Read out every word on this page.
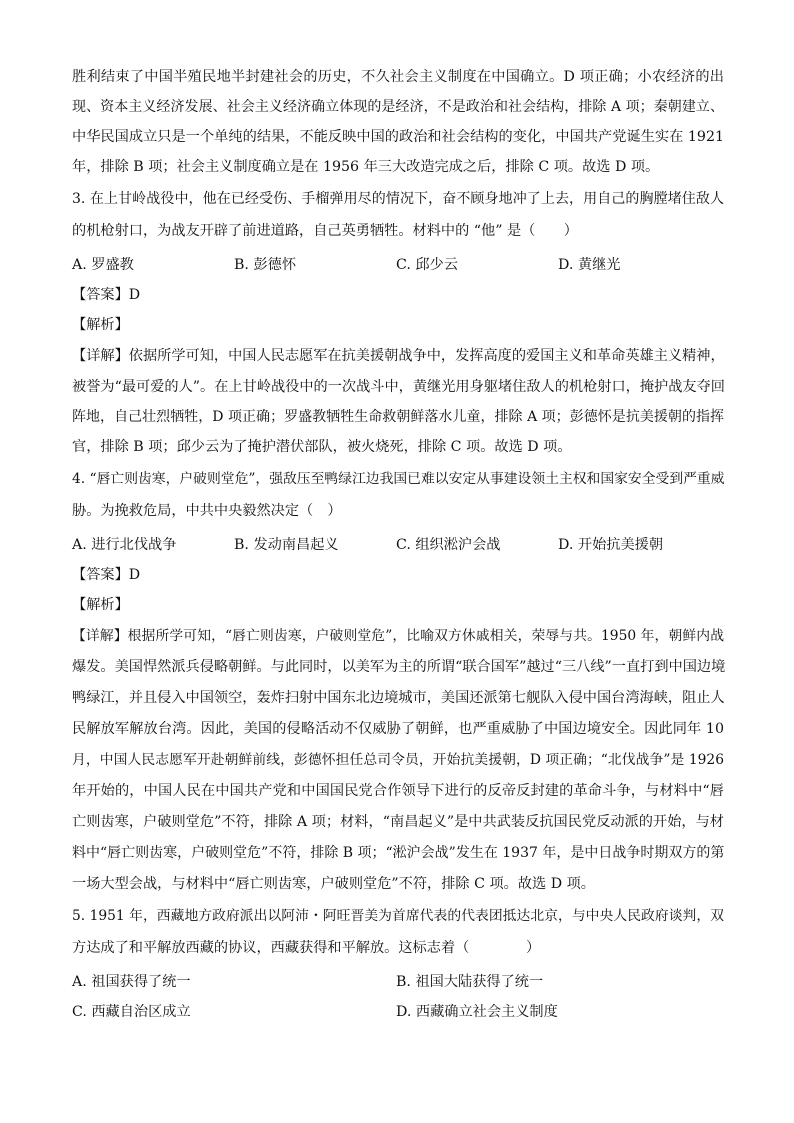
胜利结束了中国半殖民地半封建社会的历史，不久社会主义制度在中国确立。D 项正确；小农经济的出
现、资本主义经济发展、社会主义经济确立体现的是经济，不是政治和社会结构，排除 A 项；秦朝建立、
中华民国成立只是一个单纯的结果，不能反映中国的政治和社会结构的变化，中国共产党诞生实在 1921
年，排除 B 项；社会主义制度确立是在 1956 年三大改造完成之后，排除 C 项。故选 D 项。
3. 在上甘岭战役中，他在已经受伤、手榴弹用尽的情况下，奋不顾身地冲了上去，用自己的胸膛堵住敌人
的机枪射口，为战友开辟了前进道路，自己英勇牺牲。材料中的 “他” 是（　　）
A. 罗盛教	B. 彭德怀	C. 邱少云	D. 黄继光
【答案】D
【解析】
【详解】依据所学可知，中国人民志愿军在抗美援朝战争中，发挥高度的爱国主义和革命英雄主义精神，
被誉为“最可爱的人”。在上甘岭战役中的一次战斗中，黄继光用身躯堵住敌人的机枪射口，掩护战友夺回
阵地，自己壮烈牺牲，D 项正确；罗盛教牺牲生命救朝鲜落水儿童，排除 A 项；彭德怀是抗美援朝的指挥
官，排除 B 项；邱少云为了掩护潜伏部队，被火烧死，排除 C 项。故选 D 项。
4. “唇亡则齿寒，户破则堂危”，强敌压至鸭绿江边我国已难以安定从事建设领土主权和国家安全受到严重威
胁。为挽救危局，中共中央毅然决定（　）
A. 进行北伐战争	B. 发动南昌起义	C. 组织淞沪会战	D. 开始抗美援朝
【答案】D
【解析】
【详解】根据所学可知，“唇亡则齿寒，户破则堂危”，比喻双方休戚相关，荣辱与共。1950 年，朝鲜内战
爆发。美国悍然派兵侵略朝鲜。与此同时，以美军为主的所谓“联合国军”越过“三八线”一直打到中国边境
鸭绿江，并且侵入中国领空，轰炸扫射中国东北边境城市，美国还派第七舰队入侵中国台湾海峡，阻止人
民解放军解放台湾。因此，美国的侵略活动不仅威胁了朝鲜，也严重威胁了中国边境安全。因此同年 10
月，中国人民志愿军开赴朝鲜前线，彭德怀担任总司令员，开始抗美援朝，D 项正确；“北伐战争”是 1926
年开始的，中国人民在中国共产党和中国国民党合作领导下进行的反帝反封建的革命斗争，与材料中“唇
亡则齿寒，户破则堂危”不符，排除 A 项；材料，“南昌起义”是中共武装反抗国民党反动派的开始，与材
料中“唇亡则齿寒，户破则堂危”不符，排除 B 项；“淞沪会战”发生在 1937 年，是中日战争时期双方的第
一场大型会战，与材料中“唇亡则齿寒，户破则堂危”不符，排除 C 项。故选 D 项。
5. 1951 年，西藏地方政府派出以阿沛・阿旺晋美为首席代表的代表团抵达北京，与中央人民政府谈判，双
方达成了和平解放西藏的协议，西藏获得和平解放。这标志着（　　　　）
A. 祖国获得了统一	B. 祖国大陆获得了统一
C. 西藏自治区成立	D. 西藏确立社会主义制度
